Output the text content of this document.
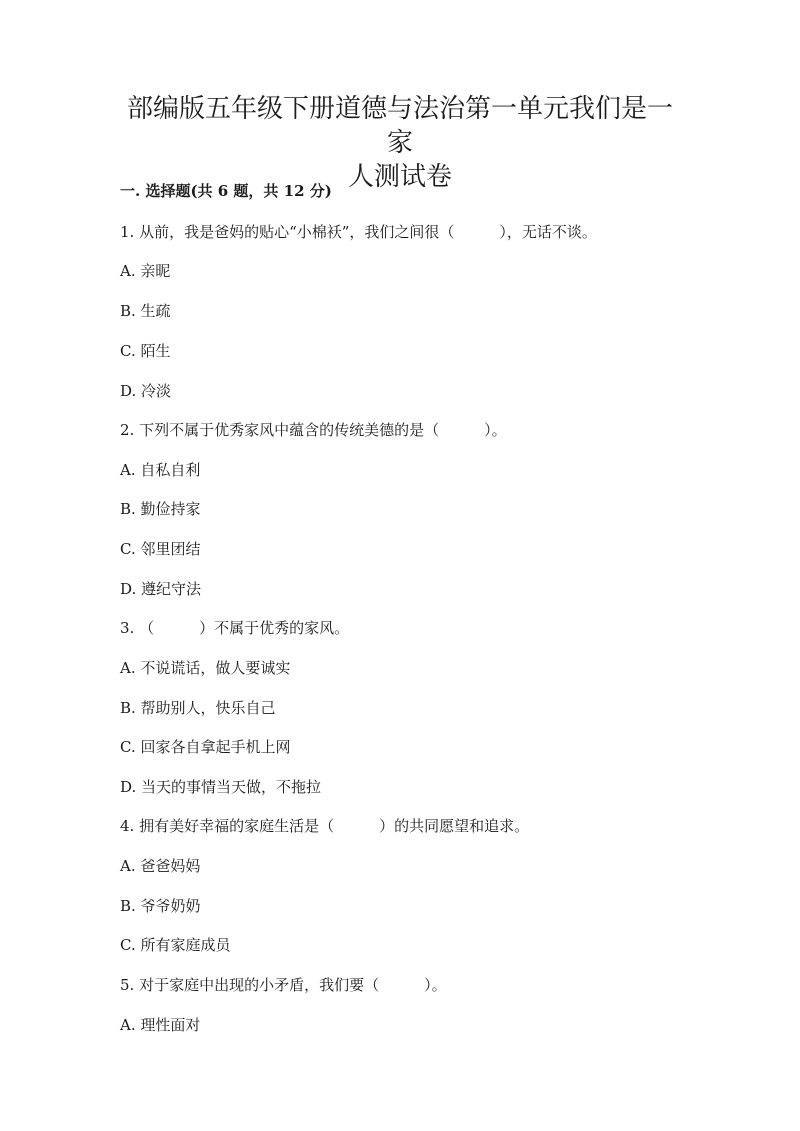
部编版五年级下册道德与法治第一单元我们是一家
人测试卷
一. 选择题(共 6 题，共 12 分)
1. 从前，我是爸妈的贴心“小棉袄”，我们之间很（　　　），无话不谈。
A. 亲昵
B. 生疏
C. 陌生
D. 冷淡
2. 下列不属于优秀家风中蕴含的传统美德的是（　　　）。
A. 自私自利
B. 勤俭持家
C. 邻里团结
D. 遵纪守法
3. （　　　）不属于优秀的家风。
A. 不说谎话，做人要诚实
B. 帮助别人，快乐自己
C. 回家各自拿起手机上网
D. 当天的事情当天做，不拖拉
4. 拥有美好幸福的家庭生活是（　　　）的共同愿望和追求。
A. 爸爸妈妈
B. 爷爷奶奶
C. 所有家庭成员
5. 对于家庭中出现的小矛盾，我们要（　　　）。
A. 理性面对
